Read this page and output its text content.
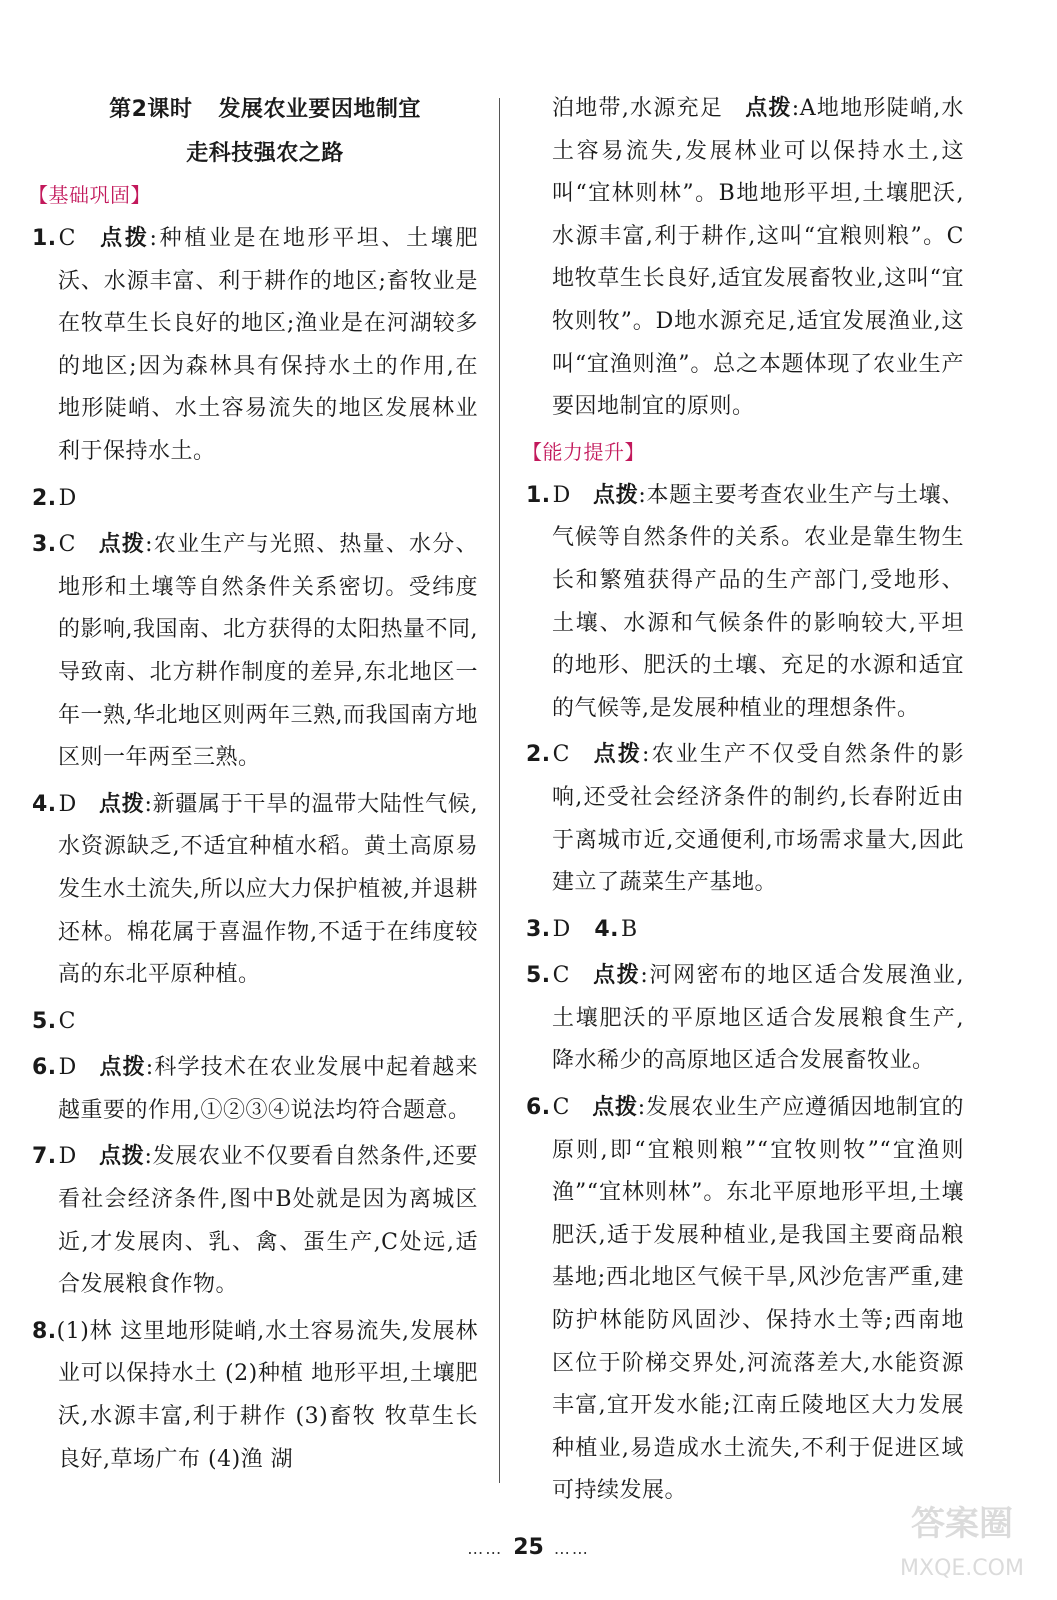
第2课时 发展农业要因地制宜
走科技强农之路
【基础巩固】
1.C 点拨:种植业是在地形平坦、土壤肥沃、水源丰富、利于耕作的地区;畜牧业是在牧草生长良好的地区;渔业是在河湖较多的地区;因为森林具有保持水土的作用,在地形陡峭、水土容易流失的地区发展林业利于保持水土。
2.D
3.C 点拨:农业生产与光照、热量、水分、地形和土壤等自然条件关系密切。受纬度的影响,我国南、北方获得的太阳热量不同,导致南、北方耕作制度的差异,东北地区一年一熟,华北地区则两年三熟,而我国南方地区则一年两至三熟。
4.D 点拨:新疆属于干旱的温带大陆性气候,水资源缺乏,不适宜种植水稻。黄土高原易发生水土流失,所以应大力保护植被,并退耕还林。棉花属于喜温作物,不适于在纬度较高的东北平原种植。
5.C
6.D 点拨:科学技术在农业发展中起着越来越重要的作用,①②③④说法均符合题意。
7.D 点拨:发展农业不仅要看自然条件,还要看社会经济条件,图中B处就是因为离城区近,才发展肉、乳、禽、蛋生产,C处远,适合发展粮食作物。
8.(1)林 这里地形陡峭,水土容易流失,发展林业可以保持水土 (2)种植 地形平坦,土壤肥沃,水源丰富,利于耕作 (3)畜牧 牧草生长良好,草场广布 (4)渔 湖
泊地带,水源充足 点拨:A地地形陡峭,水土容易流失,发展林业可以保持水土,这叫“宜林则林”。B地地形平坦,土壤肥沃,水源丰富,利于耕作,这叫“宜粮则粮”。C地牧草生长良好,适宜发展畜牧业,这叫“宜牧则牧”。D地水源充足,适宜发展渔业,这叫“宜渔则渔”。总之本题体现了农业生产要因地制宜的原则。
【能力提升】
1.D 点拨:本题主要考查农业生产与土壤、气候等自然条件的关系。农业是靠生物生长和繁殖获得产品的生产部门,受地形、土壤、水源和气候条件的影响较大,平坦的地形、肥沃的土壤、充足的水源和适宜的气候等,是发展种植业的理想条件。
2.C 点拨:农业生产不仅受自然条件的影响,还受社会经济条件的制约,长春附近由于离城市近,交通便利,市场需求量大,因此建立了蔬菜生产基地。
3.D 4.B
5.C 点拨:河网密布的地区适合发展渔业,土壤肥沃的平原地区适合发展粮食生产,降水稀少的高原地区适合发展畜牧业。
6.C 点拨:发展农业生产应遵循因地制宜的原则,即“宜粮则粮”“宜牧则牧”“宜渔则渔”“宜林则林”。东北平原地形平坦,土壤肥沃,适于发展种植业,是我国主要商品粮基地;西北地区气候干旱,风沙危害严重,建防护林能防风固沙、保持水土等;西南地区位于阶梯交界处,河流落差大,水能资源丰富,宜开发水能;江南丘陵地区大力发展种植业,易造成水土流失,不利于促进区域可持续发展。
…… 25 ……
答案圈
MXQE.COM
